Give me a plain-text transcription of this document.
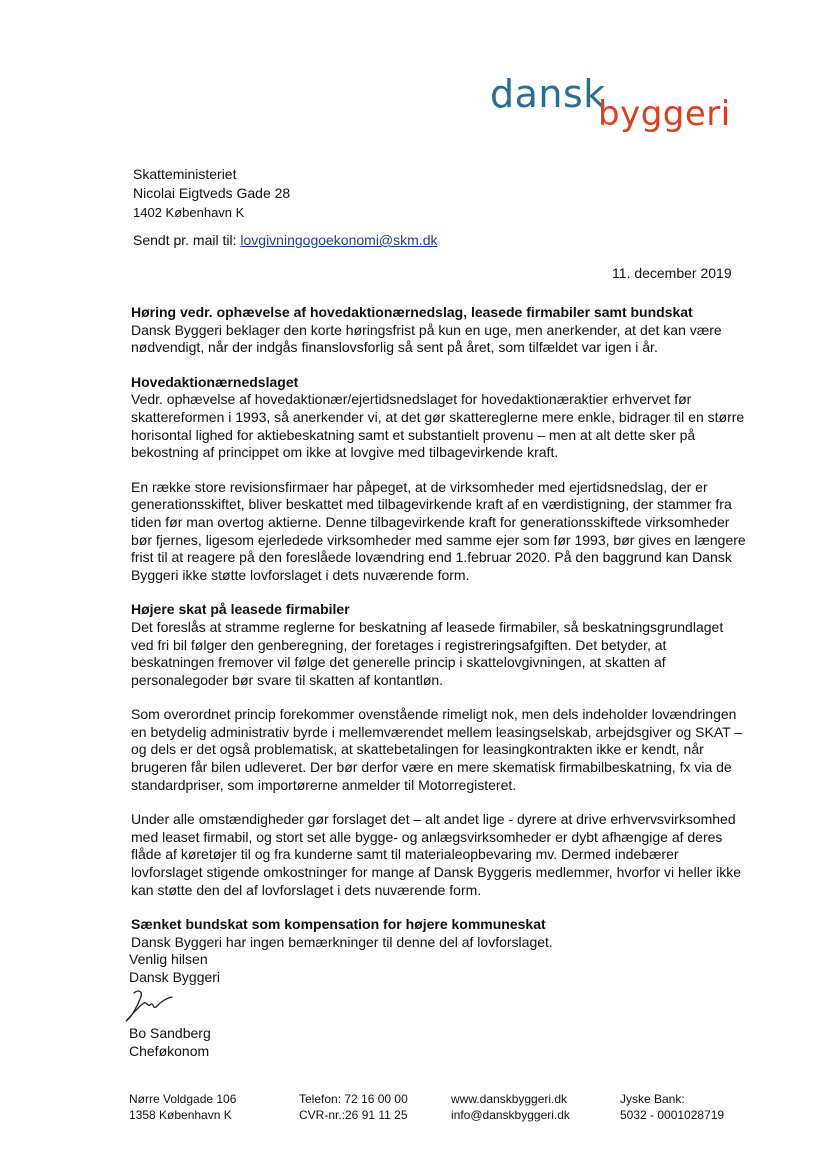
dansk
byggeri
Skatteministeriet
Nicolai Eigtveds Gade 28
1402 København K
Sendt pr. mail til: lovgivningogoekonomi@skm.dk
11. december 2019
Høring vedr. ophævelse af hovedaktionærnedslag, leasede firmabiler samt bundskat

Dansk Byggeri beklager den korte høringsfrist på kun en uge, men anerkender, at det kan være nødvendigt, når der indgås finanslovsforlig så sent på året, som tilfældet var igen i år.

Hovedaktionærnedslaget

Vedr. ophævelse af hovedaktionær/ejertidsnedslaget for hovedaktionæraktier erhvervet før skattereformen i 1993, så anerkender vi, at det gør skattereglerne mere enkle, bidrager til en større horisontal lighed for aktiebeskatning samt et substantielt provenu – men at alt dette sker på bekostning af princippet om ikke at lovgive med tilbagevirkende kraft.

En række store revisionsfirmaer har påpeget, at de virksomheder med ejertidsnedslag, der er generationsskiftet, bliver beskattet med tilbagevirkende kraft af en værdistigning, der stammer fra tiden før man overtog aktierne. Denne tilbagevirkende kraft for generationsskiftede virksomheder bør fjernes, ligesom ejerledede virksomheder med samme ejer som før 1993, bør gives en længere frist til at reagere på den foreslåede lovændring end 1.februar 2020. På den baggrund kan Dansk Byggeri ikke støtte lovforslaget i dets nuværende form.

Højere skat på leasede firmabiler

Det foreslås at stramme reglerne for beskatning af leasede firmabiler, så beskatningsgrundlaget ved fri bil følger den genberegning, der foretages i registreringsafgiften. Det betyder, at beskatningen fremover vil følge det generelle princip i skattelovgivningen, at skatten af personalegoder bør svare til skatten af kontantløn.

Som overordnet princip forekommer ovenstående rimeligt nok, men dels indeholder lovændringen en betydelig administrativ byrde i mellemværendet mellem leasingselskab, arbejdsgiver og SKAT – og dels er det også problematisk, at skattebetalingen for leasingkontrakten ikke er kendt, når brugeren får bilen udleveret. Der bør derfor være en mere skematisk firmabilbeskatning, fx via de standardpriser, som importørerne anmelder til Motorregisteret.

Under alle omstændigheder gør forslaget det – alt andet lige - dyrere at drive erhvervsvirksomhed med leaset firmabil, og stort set alle bygge- og anlægsvirksomheder er dybt afhængige af deres flåde af køretøjer til og fra kunderne samt til materialeopbevaring mv. Dermed indebærer lovforslaget stigende omkostninger for mange af Dansk Byggeris medlemmer, hvorfor vi heller ikke kan støtte den del af lovforslaget i dets nuværende form.

Sænket bundskat som kompensation for højere kommuneskat

Dansk Byggeri har ingen bemærkninger til denne del af lovforslaget.

Venlig hilsen
Dansk Byggeri
Bo Sandberg
Cheføkonom
Nørre Voldgade 106
1358 København K
Telefon: 72 16 00 00
CVR-nr.:26 91 11 25
www.danskbyggeri.dk
info@danskbyggeri.dk
Jyske Bank:
5032 - 0001028719
